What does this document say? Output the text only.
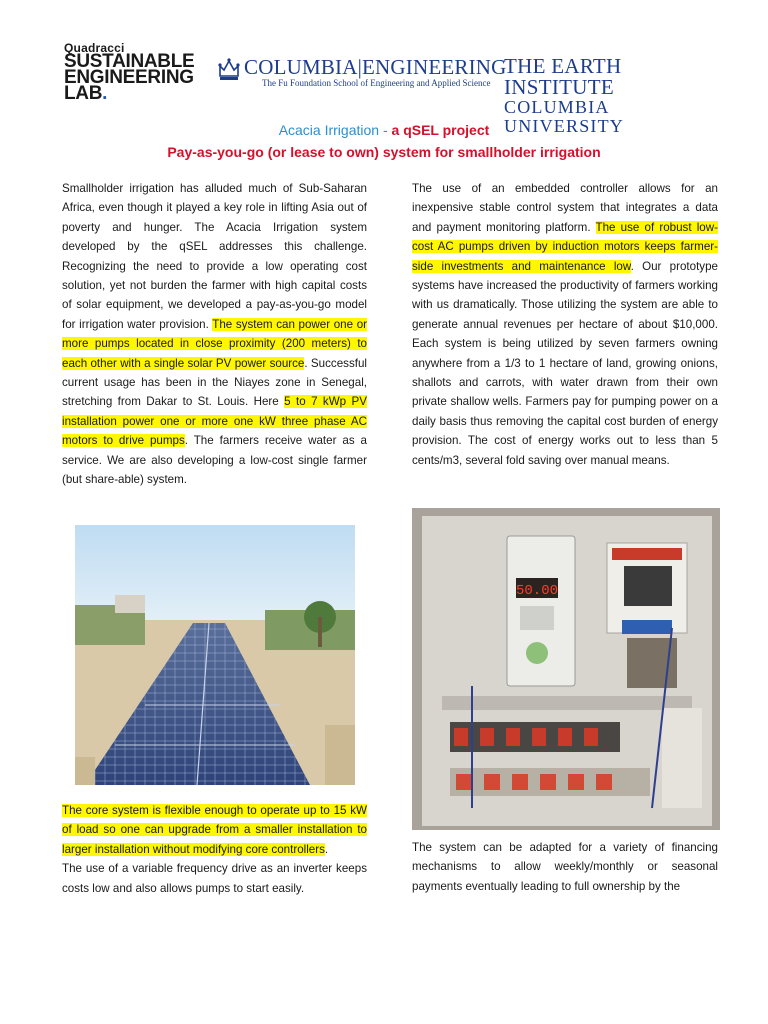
Quadracci
SUSTAINABLE
ENGINEERING
LAB.
COLUMBIA|ENGINEERING
The Fu Foundation School of Engineering and Applied Science
THE EARTH INSTITUTE
COLUMBIA UNIVERSITY
Acacia Irrigation - a qSEL project
Pay-as-you-go (or lease to own) system for smallholder irrigation
Smallholder irrigation has alluded much of Sub-Saharan Africa, even though it played a key role in lifting Asia out of poverty and hunger. The Acacia Irrigation system developed by the qSEL addresses this challenge. Recognizing the need to provide a low operating cost solution, yet not burden the farmer with high capital costs of solar equipment, we developed a pay-as-you-go model for irrigation water provision. The system can power one or more pumps located in close proximity (200 meters) to each other with a single solar PV power source. Successful current usage has been in the Niayes zone in Senegal, stretching from Dakar to St. Louis. Here 5 to 7 kWp PV installation power one or more one kW three phase AC motors to drive pumps. The farmers receive water as a service. We are also developing a low-cost single farmer (but share-able) system.
The core system is flexible enough to operate up to 15 kW of load so one can upgrade from a smaller installation to larger installation without modifying core controllers.
The use of a variable frequency drive as an inverter keeps costs low and also allows pumps to start easily.
The use of an embedded controller allows for an inexpensive stable control system that integrates a data and payment monitoring platform. The use of robust low-cost AC pumps driven by induction motors keeps farmer-side investments and maintenance low. Our prototype systems have increased the productivity of farmers working with us dramatically. Those utilizing the system are able to generate annual revenues per hectare of about $10,000. Each system is being utilized by seven farmers owning anywhere from a 1/3 to 1 hectare of land, growing onions, shallots and carrots, with water drawn from their own private shallow wells. Farmers pay for pumping power on a daily basis thus removing the capital cost burden of energy provision. The cost of energy works out to less than 5 cents/m3, several fold saving over manual means.
50.00
The system can be adapted for a variety of financing mechanisms to allow weekly/monthly or seasonal payments eventually leading to full ownership by the
